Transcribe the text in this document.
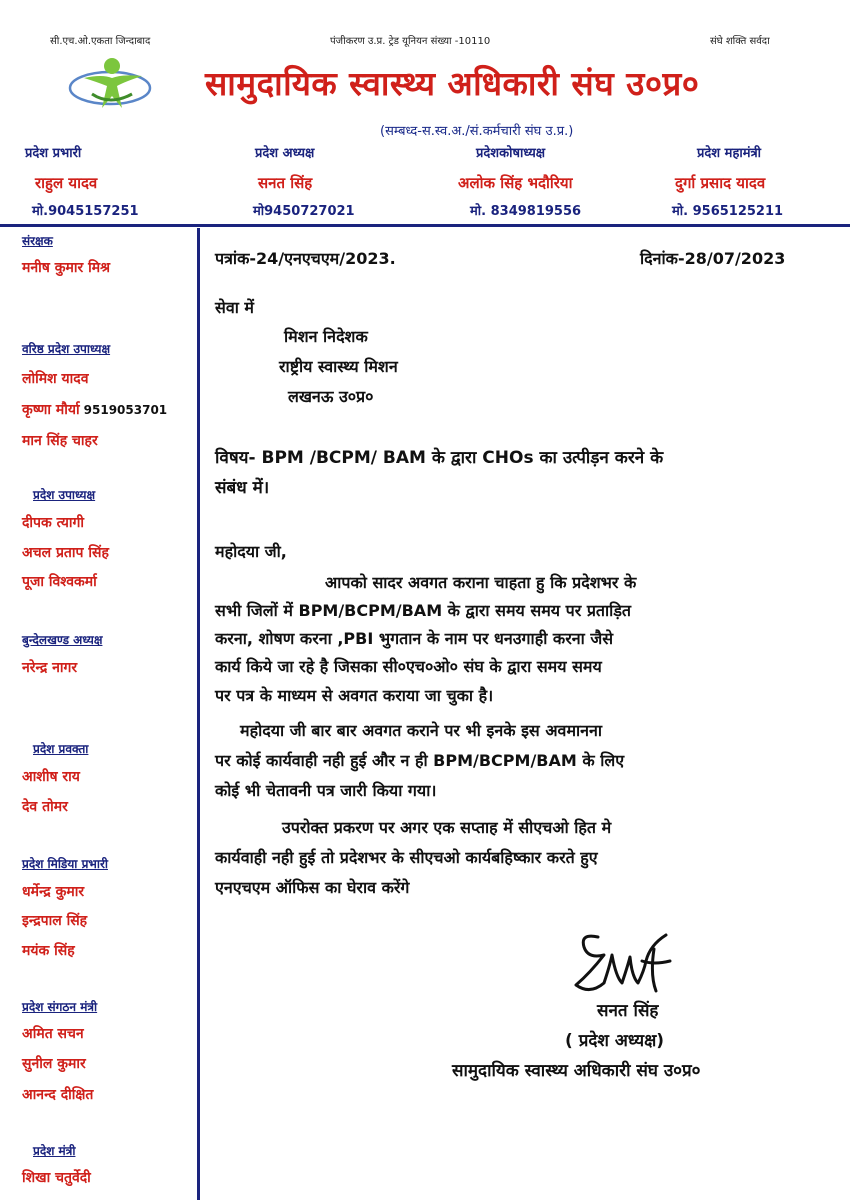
सी.एच.ओ.एकता जिन्दाबाद	पंजीकरण उ.प्र. ट्रेड यूनियन संख्या -10110	संघे शक्ति सर्वदा
सामुदायिक स्वास्थ्य अधिकारी संघ उ०प्र०
(सम्बध्द-स.स्व.अ./सं.कर्मचारी संघ उ.प्र.)
प्रदेश प्रभारी	प्रदेश अध्यक्ष	प्रदेशकोषाध्यक्ष	प्रदेश महामंत्री
राहुल यादव	सनत सिंह	अलोक सिंह भदौरिया	दुर्गा प्रसाद यादव
मो.9045157251	मो9450727021	मो. 8349819556	मो. 9565125211
संरक्षक
मनीष कुमार मिश्र
वरिष्ठ प्रदेश उपाध्यक्ष
लोमिश यादव
कृष्णा मौर्या 9519053701
मान सिंह चाहर
प्रदेश उपाध्यक्ष
दीपक त्यागी
अचल प्रताप सिंह
पूजा विश्वकर्मा
बुन्देलखण्ड अध्यक्ष
नरेन्द्र नागर
प्रदेश प्रवक्ता
आशीष राय
देव तोमर
प्रदेश मिडिया प्रभारी
धर्मेन्द्र कुमार
इन्द्रपाल सिंह
मयंक सिंह
प्रदेश संगठन मंत्री
अमित सचन
सुनील कुमार
आनन्द दीक्षित
प्रदेश मंत्री
शिखा चतुर्वेदी
पत्रांक-24/एनएचएम/2023.	दिनांक-28/07/2023
सेवा में
मिशन निदेशक
राष्ट्रीय स्वास्थ्य मिशन
लखनऊ उ०प्र०
विषय- BPM /BCPM/ BAM के द्वारा CHOs का उत्पीड़न करने के
संबंध में।
महोदया जी,
आपको सादर अवगत कराना चाहता हु कि प्रदेशभर के
सभी जिलों में BPM/BCPM/BAM के द्वारा समय समय पर प्रताड़ित
करना, शोषण करना ,PBI भुगतान के नाम पर धनउगाही करना जैसे
कार्य किये जा रहे है जिसका सी०एच०ओ० संघ के द्वारा समय समय
पर पत्र के माध्यम से अवगत कराया जा चुका है।
महोदया जी बार बार अवगत कराने पर भी इनके इस अवमानना
पर कोई कार्यवाही नही हुई और न ही BPM/BCPM/BAM के लिए
कोई भी चेतावनी पत्र जारी किया गया।
उपरोक्त प्रकरण पर अगर एक सप्ताह में सीएचओ हित मे
कार्यवाही नही हुई तो प्रदेशभर के सीएचओ कार्यबहिष्कार करते हुए
एनएचएम ऑफिस का घेराव करेंगे
सनत सिंह
( प्रदेश अध्यक्ष)
सामुदायिक स्वास्थ्य अधिकारी संघ उ०प्र०
